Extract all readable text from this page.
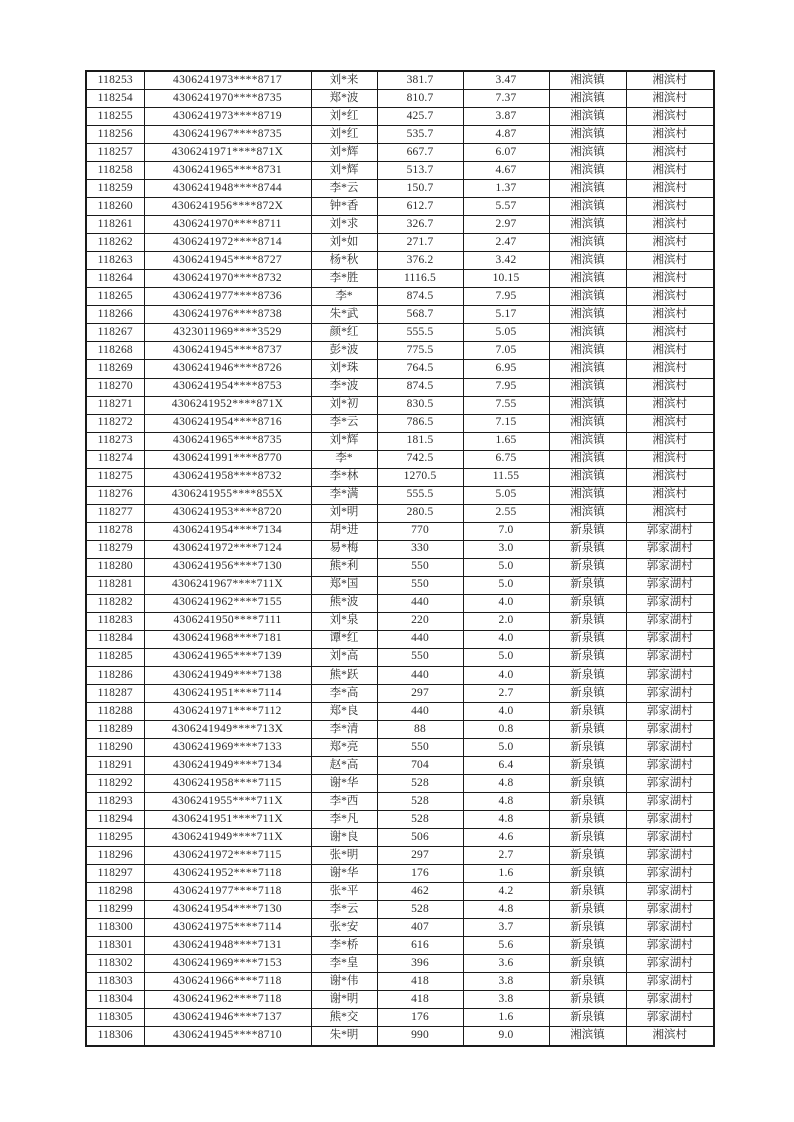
118253	4306241973****8717	刘*来	381.7	3.47	湘滨镇	湘滨村
118254	4306241970****8735	郑*波	810.7	7.37	湘滨镇	湘滨村
118255	4306241973****8719	刘*红	425.7	3.87	湘滨镇	湘滨村
118256	4306241967****8735	刘*红	535.7	4.87	湘滨镇	湘滨村
118257	4306241971****871X	刘*辉	667.7	6.07	湘滨镇	湘滨村
118258	4306241965****8731	刘*辉	513.7	4.67	湘滨镇	湘滨村
118259	4306241948****8744	李*云	150.7	1.37	湘滨镇	湘滨村
118260	4306241956****872X	钟*香	612.7	5.57	湘滨镇	湘滨村
118261	4306241970****8711	刘*求	326.7	2.97	湘滨镇	湘滨村
118262	4306241972****8714	刘*如	271.7	2.47	湘滨镇	湘滨村
118263	4306241945****8727	杨*秋	376.2	3.42	湘滨镇	湘滨村
118264	4306241970****8732	李*胜	1116.5	10.15	湘滨镇	湘滨村
118265	4306241977****8736	李*	874.5	7.95	湘滨镇	湘滨村
118266	4306241976****8738	朱*武	568.7	5.17	湘滨镇	湘滨村
118267	4323011969****3529	颜*红	555.5	5.05	湘滨镇	湘滨村
118268	4306241945****8737	彭*波	775.5	7.05	湘滨镇	湘滨村
118269	4306241946****8726	刘*珠	764.5	6.95	湘滨镇	湘滨村
118270	4306241954****8753	李*波	874.5	7.95	湘滨镇	湘滨村
118271	4306241952****871X	刘*初	830.5	7.55	湘滨镇	湘滨村
118272	4306241954****8716	李*云	786.5	7.15	湘滨镇	湘滨村
118273	4306241965****8735	刘*辉	181.5	1.65	湘滨镇	湘滨村
118274	4306241991****8770	李*	742.5	6.75	湘滨镇	湘滨村
118275	4306241958****8732	李*林	1270.5	11.55	湘滨镇	湘滨村
118276	4306241955****855X	李*满	555.5	5.05	湘滨镇	湘滨村
118277	4306241953****8720	刘*明	280.5	2.55	湘滨镇	湘滨村
118278	4306241954****7134	胡*进	770	7.0	新泉镇	郭家湖村
118279	4306241972****7124	易*梅	330	3.0	新泉镇	郭家湖村
118280	4306241956****7130	熊*利	550	5.0	新泉镇	郭家湖村
118281	4306241967****711X	郑*国	550	5.0	新泉镇	郭家湖村
118282	4306241962****7155	熊*波	440	4.0	新泉镇	郭家湖村
118283	4306241950****7111	刘*泉	220	2.0	新泉镇	郭家湖村
118284	4306241968****7181	谭*红	440	4.0	新泉镇	郭家湖村
118285	4306241965****7139	刘*高	550	5.0	新泉镇	郭家湖村
118286	4306241949****7138	熊*跃	440	4.0	新泉镇	郭家湖村
118287	4306241951****7114	李*高	297	2.7	新泉镇	郭家湖村
118288	4306241971****7112	郑*良	440	4.0	新泉镇	郭家湖村
118289	4306241949****713X	李*清	88	0.8	新泉镇	郭家湖村
118290	4306241969****7133	郑*亮	550	5.0	新泉镇	郭家湖村
118291	4306241949****7134	赵*高	704	6.4	新泉镇	郭家湖村
118292	4306241958****7115	谢*华	528	4.8	新泉镇	郭家湖村
118293	4306241955****711X	李*西	528	4.8	新泉镇	郭家湖村
118294	4306241951****711X	李*凡	528	4.8	新泉镇	郭家湖村
118295	4306241949****711X	谢*良	506	4.6	新泉镇	郭家湖村
118296	4306241972****7115	张*明	297	2.7	新泉镇	郭家湖村
118297	4306241952****7118	谢*华	176	1.6	新泉镇	郭家湖村
118298	4306241977****7118	张*平	462	4.2	新泉镇	郭家湖村
118299	4306241954****7130	李*云	528	4.8	新泉镇	郭家湖村
118300	4306241975****7114	张*安	407	3.7	新泉镇	郭家湖村
118301	4306241948****7131	李*桥	616	5.6	新泉镇	郭家湖村
118302	4306241969****7153	李*皇	396	3.6	新泉镇	郭家湖村
118303	4306241966****7118	谢*伟	418	3.8	新泉镇	郭家湖村
118304	4306241962****7118	谢*明	418	3.8	新泉镇	郭家湖村
118305	4306241946****7137	熊*交	176	1.6	新泉镇	郭家湖村
118306	4306241945****8710	朱*明	990	9.0	湘滨镇	湘滨村
